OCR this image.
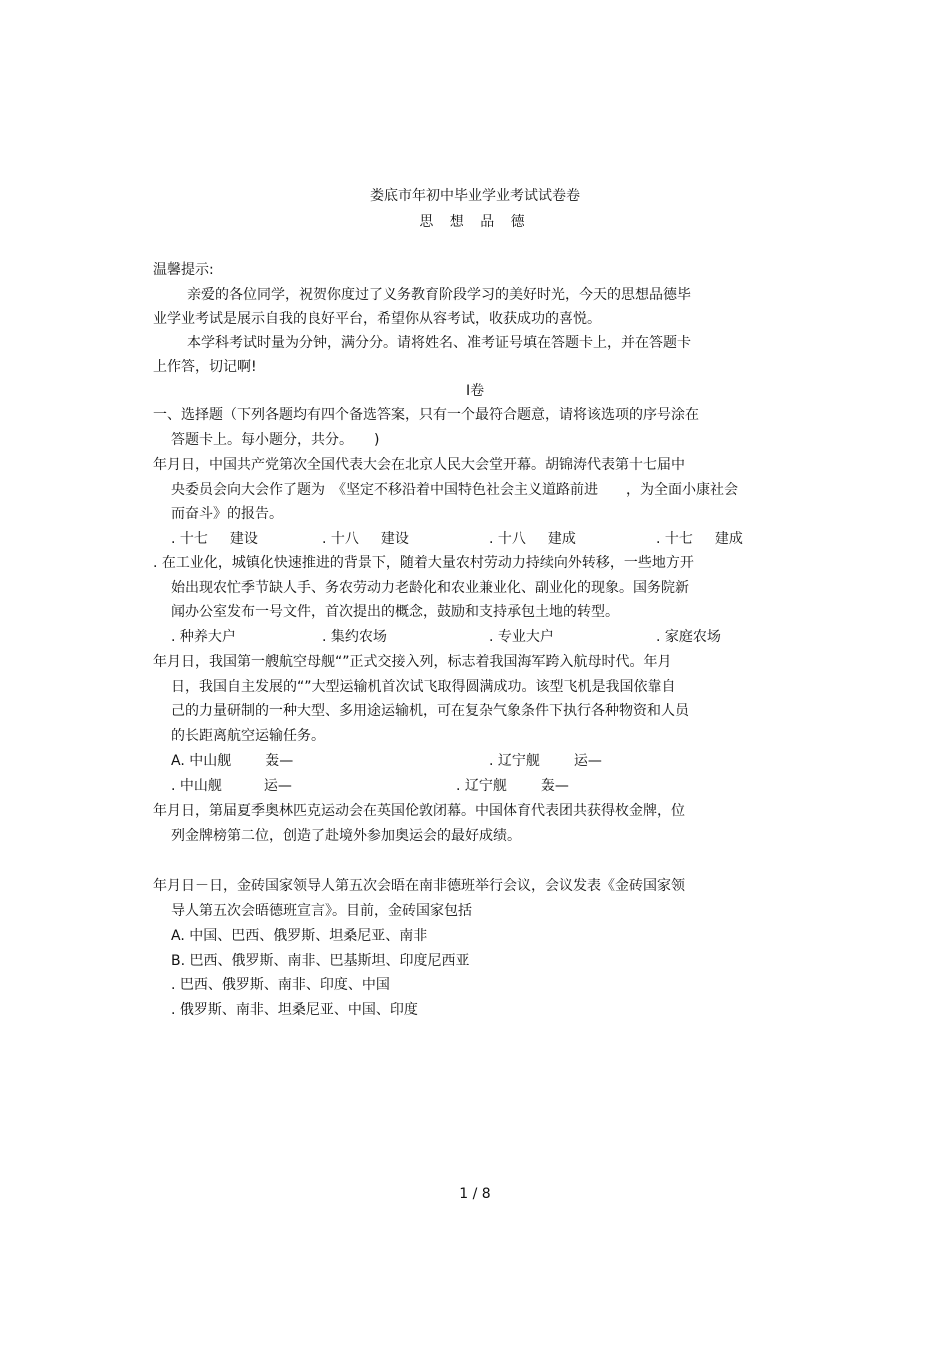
娄底市年初中毕业学业考试试卷卷
思 想 品 德
温馨提示:
亲爱的各位同学，祝贺你度过了义务教育阶段学习的美好时光，今天的思想品德毕
业学业考试是展示自我的良好平台，希望你从容考试，收获成功的喜悦。
本学科考试时量为分钟，满分分。请将姓名、准考证号填在答题卡上，并在答题卡
上作答，切记啊!
Ⅰ卷
一、选择题（下列各题均有四个备选答案，只有一个最符合题意，请将该选项的序号涂在
答题卡上。每小题分，共分。　　)
年月日，中国共产党第次全国代表大会在北京人民大会堂开幕。胡锦涛代表第十七届中
央委员会向大会作了题为　《坚定不移沿着中国特色社会主义道路前进　　，为全面小康社会
而奋斗》的报告。
. 十七 建设	. 十八 建设	. 十八 建成	. 十七 建成
. 在工业化，城镇化快速推进的背景下，随着大量农村劳动力持续向外转移，一些地方开
始出现农忙季节缺人手、务农劳动力老龄化和农业兼业化、副业化的现象。国务院新
闻办公室发布一号文件，首次提出的概念，鼓励和支持承包土地的转型。
. 种养大户	. 集约农场	. 专业大户	. 家庭农场
年月日，我国第一艘航空母舰“”正式交接入列，标志着我国海军跨入航母时代。年月
日，我国自主发展的“”大型运输机首次试飞取得圆满成功。该型飞机是我国依靠自
己的力量研制的一种大型、多用途运输机，可在复杂气象条件下执行各种物资和人员
的长距离航空运输任务。
A. 中山舰 轰—	. 辽宁舰 运—
. 中山舰	运—	. 辽宁舰 轰—
年月日，第届夏季奥林匹克运动会在英国伦敦闭幕。中国体育代表团共获得枚金牌，位
列金牌榜第二位，创造了赴境外参加奥运会的最好成绩。
年月日－日，金砖国家领导人第五次会晤在南非德班举行会议，会议发表《金砖国家领
导人第五次会晤德班宣言》。目前，金砖国家包括
A. 中国、巴西、俄罗斯、坦桑尼亚、南非
B. 巴西、俄罗斯、南非、巴基斯坦、印度尼西亚
. 巴西、俄罗斯、南非、印度、中国
. 俄罗斯、南非、坦桑尼亚、中国、印度
1 / 8
